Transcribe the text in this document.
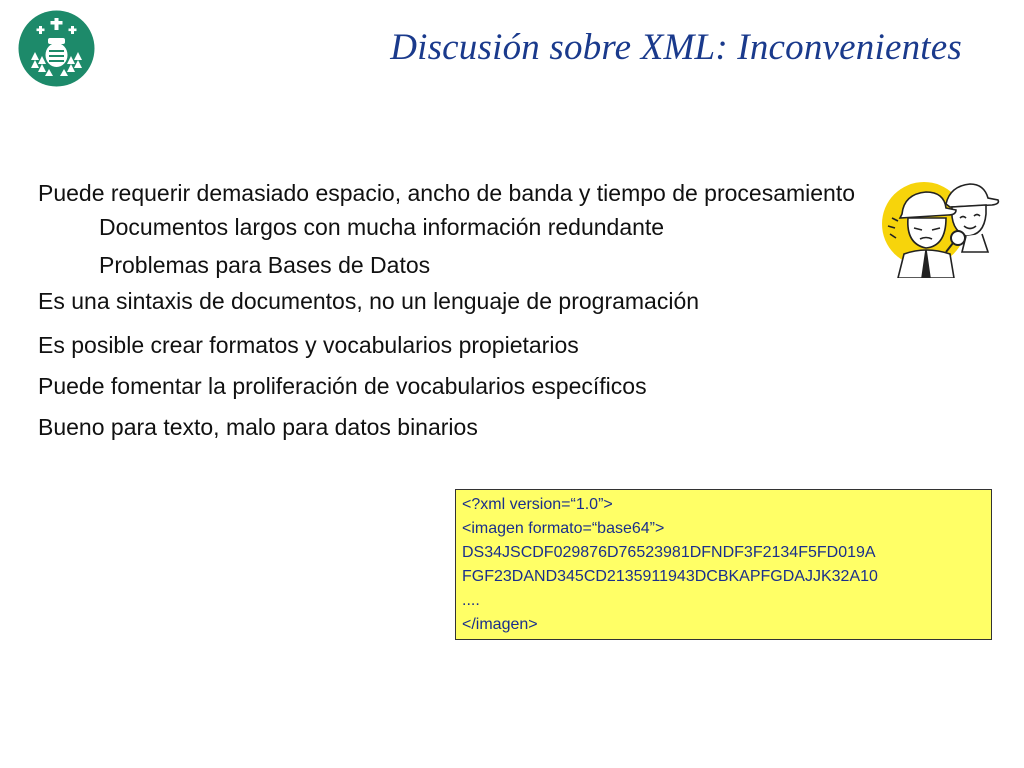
Discusión sobre XML: Inconvenientes

Puede requerir demasiado espacio, ancho de banda y tiempo de procesamiento

Documentos largos con mucha información redundante

Problemas para Bases de Datos

Es una sintaxis de documentos, no un lenguaje de programación

Es posible crear formatos y vocabularios propietarios

Puede fomentar la proliferación de vocabularios específicos

Bueno para texto, malo para datos binarios

<?xml version=“1.0”>
<imagen formato=“base64”>
DS34JSCDF029876D76523981DFNDF3F2134F5FD019A
FGF23DAND345CD2135911943DCBKAPFGDAJJK32A10
....
</imagen>
